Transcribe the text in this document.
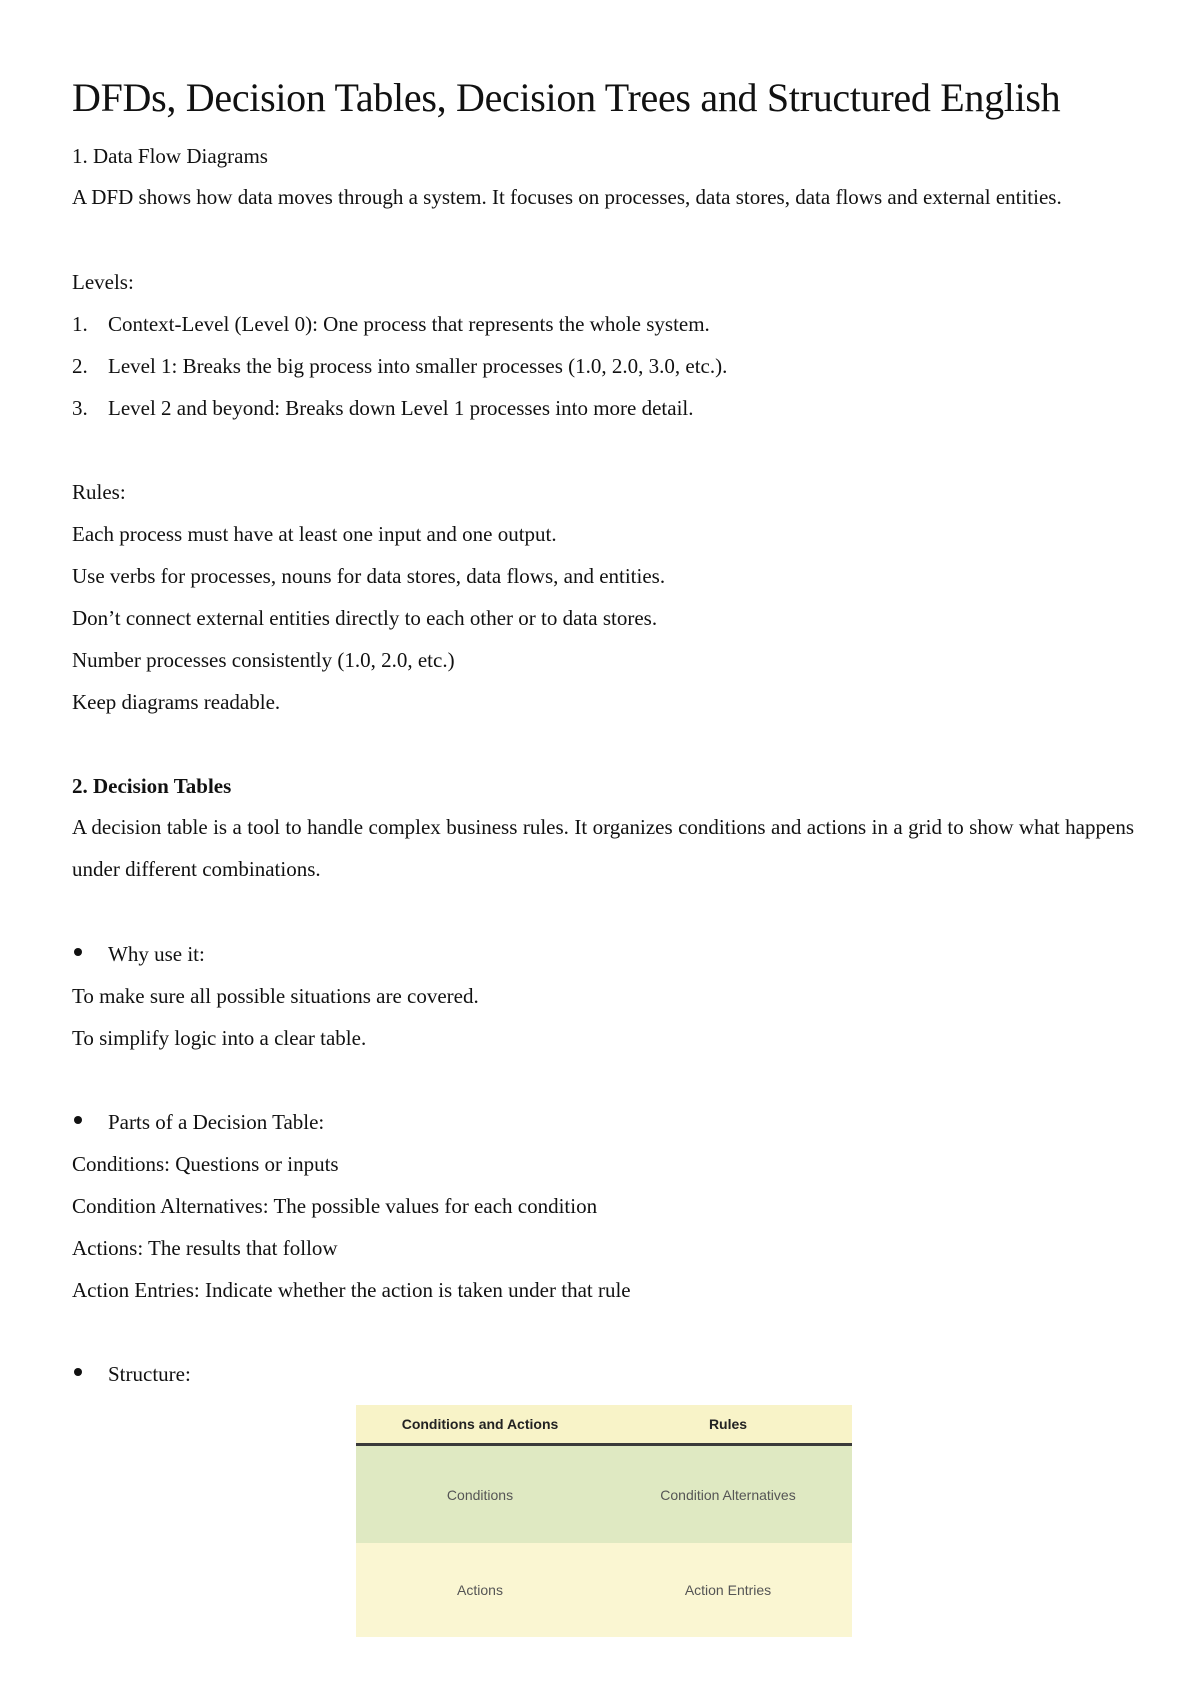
DFDs, Decision Tables, Decision Trees and Structured English
1. Data Flow Diagrams
A DFD shows how data moves through a system. It focuses on processes, data stores, data flows and external entities.
Levels:
1. Context-Level (Level 0): One process that represents the whole system.
2. Level 1: Breaks the big process into smaller processes (1.0, 2.0, 3.0, etc.).
3. Level 2 and beyond: Breaks down Level 1 processes into more detail.
Rules:
Each process must have at least one input and one output.
Use verbs for processes, nouns for data stores, data flows, and entities.
Don’t connect external entities directly to each other or to data stores.
Number processes consistently (1.0, 2.0, etc.)
Keep diagrams readable.
2. Decision Tables
A decision table is a tool to handle complex business rules. It organizes conditions and actions in a grid to show what happens under different combinations.
Why use it:
To make sure all possible situations are covered.
To simplify logic into a clear table.
Parts of a Decision Table:
Conditions: Questions or inputs
Condition Alternatives: The possible values for each condition
Actions: The results that follow
Action Entries: Indicate whether the action is taken under that rule
Structure:
Conditions and Actions	Rules
Conditions	Condition Alternatives
Actions	Action Entries
